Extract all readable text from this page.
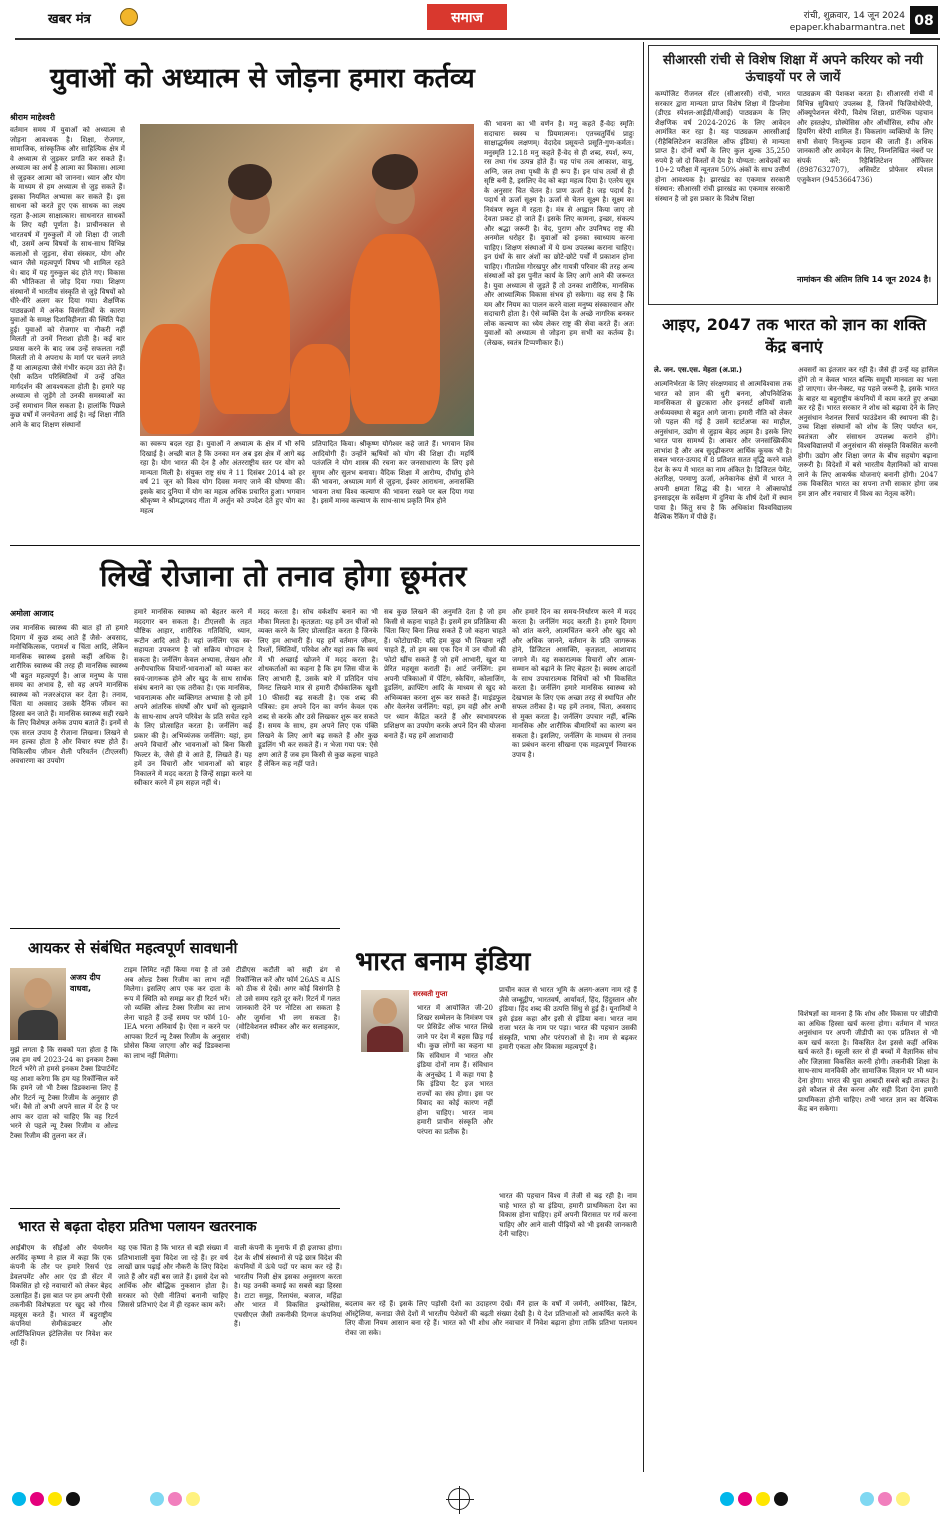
खबर मंत्र	समाज	रांची, शुक्रवार, 14 जून 2024
epaper.khabarmantra.net 08
युवाओं को अध्यात्म से जोड़ना हमारा कर्तव्य
श्रीराम माहेश्वरी
वर्तमान समय में युवाओं को अध्यात्म से जोड़ना आवश्यक है। शिक्षा, रोजगार, सामाजिक, सांस्कृतिक और साहित्यिक क्षेत्र में वे अध्यात्म से जुड़कर प्रगति कर सकते हैं। अध्यात्म का अर्थ है आत्मा का विकास। आत्मा से जुड़कर आत्मा को जानना। ध्यान और योग के माध्यम से हम अध्यात्म से जुड़ सकते हैं। इसका नियमित अभ्यास कर सकते हैं। इस साधना को करते हुए एक साधक का लक्ष्य रहता है-आत्म साक्षात्कार। साधनारत साधकों के लिए यही पूर्णता है। प्राचीनकाल से भारतवर्ष में गुरुकुलों में जो शिक्षा दी जाती थी, उसमें अन्य विषयों के साथ-साथ विभिन्न कलाओं से जुड़ना, सेवा संस्कार, योग और ध्यान जैसे महत्वपूर्ण विषय भी शामिल रहते थे। बाद में यह गुरुकुल बंद होते गए। विकास की भौतिकता से जोड़ दिया गया। शिक्षण संस्थानों में भारतीय संस्कृति से जुड़े विषयों को धीरे-धीरे अलग कर दिया गया। शैक्षणिक पाठ्यक्रमों में अनेक विसंगतियों के कारण युवाओं के समक्ष दिशाविहीनता की स्थिति पैदा हुई। युवाओं को रोजगार या नौकरी नहीं मिलती तो उनमें निराशा होती है। कई बार प्रयास करने के बाद जब उन्हें सफलता नहीं मिलती तो वे अपराध के मार्ग पर चलने लगते हैं या आत्महत्या जैसे गंभीर कदम उठा लेते हैं। ऐसी कठिन परिस्थितियों में उन्हें उचित मार्गदर्शन की आवश्यकता होती है। हमारे यह अध्यात्म से जुड़ेंगे तो उनकी समस्याओं का उन्हें समाधान मिल सकता है। हालांकि पिछले कुछ वर्षों में जनचेतना आई है। नई शिक्षा नीति आने के बाद शिक्षण संस्थानों
का स्वरूप बदल रहा है। युवाओं ने अध्यात्म के क्षेत्र में भी रुचि दिखाई है। अच्छी बात है कि उनका मन अब इस क्षेत्र में आगे बढ़ रहा है। योग भारत की देन है और अंतरराष्ट्रीय स्तर पर योग को मान्यता मिली है। संयुक्त राष्ट्र संघ ने 11 दिसंबर 2014 को हर वर्ष 21 जून को विश्व योग दिवस मनाए जाने की घोषणा की। इसके बाद दुनिया में योग का महत्व अधिक प्रचारित हुआ। भगवान श्रीकृष्ण ने श्रीमद्भगवद गीता में अर्जुन को उपदेश देते हुए योग का महत्व
प्रतिपादित किया। श्रीकृष्ण योगेश्वर कहे जाते हैं। भगवान शिव आदियोगी हैं। उन्होंने ऋषियों को योग की शिक्षा दी। महर्षि पतंजलि ने योग शास्त्र की रचना कर जनसाधारण के लिए इसे सुगम और सुलभ बनाया। वैदिक शिक्षा में आरोग्य, दीर्घायु होने की भावना, अध्यात्म मार्ग से जुड़ना, ईश्वर आराधना, अनासक्ति भावना तथा विश्व कल्याण की भावना रखने पर बल दिया गया है। इसमें मानव कल्याण के साथ-साथ प्रकृति मित्र होने
की भावना का भी वर्णन है। मनु कहते हैं-वेदः स्मृतिः सदाचारः स्वस्य च प्रियमात्मनः। एतच्चतुर्विधं प्राहुः साक्षाद्धर्मस्य लक्षणम्। वेदादेव प्रसूयन्ते प्रसूति-गुण-कर्मतः। मनुस्मृति 12.18 मनु कहते हैं-वेद से ही शब्द, स्पर्श, रूप, रस तथा गंध उत्पन्न होते हैं। यह पांच तत्व आकाश, वायु, अग्नि, जल तथा पृथ्वी के ही रूप हैं। इन पांच तत्वों से ही सृष्टि बनी है, इसलिए वेद को बड़ा महत्व दिया है। एतरेय सूत्र के अनुसार चित चेतन है। प्राण ऊर्जा है। जड़ पदार्थ है। पदार्थ से ऊर्जा सूक्ष्म है। ऊर्जा से चेतन सूक्ष्म है। सूक्ष्म का नियंत्रण स्थूल में रहता है। मंत्र से आह्वान किया जाए तो देवता प्रकट हो जाते हैं। इसके लिए कामना, इच्छा, संकल्प और श्रद्धा जरूरी है। वेद, पुराण और उपनिषद राष्ट्र की अनमोल धरोहर हैं। युवाओं को इनका स्वाध्याय करना चाहिए। शिक्षण संस्थाओं में ये ग्रन्थ उपलब्ध कराना चाहिए। इन ग्रंथों के सार अंशों का छोटे-छोटे पर्चों में प्रकाशन होना चाहिए। गीताप्रेस गोरखपुर और गायत्री परिवार की तरह अन्य संस्थाओं को इस पुनीत कार्य के लिए आगे आने की जरूरत है। युवा अध्यात्म से जुड़ते हैं तो उनका शारीरिक, मानसिक और आध्यात्मिक विकास संभव हो सकेगा। वह सच है कि यम और नियम का पालन करने वाला मनुष्य संस्कारवान और सदाचारी होता है। ऐसे व्यक्ति देश के अच्छे नागरिक बनकर लोक कल्याण का ध्येय लेकर राष्ट्र की सेवा करते हैं। अतः युवाओं को अध्यात्म से जोड़ना हम सभी का कर्तव्य है। (लेखक, स्वतंत्र टिप्पणीकार हैं।)
लिखें रोजाना तो तनाव होगा छूमंतर
अमोला आजाद
जब मानसिक स्वास्थ्य की बात हो तो हमारे दिमाग में कुछ शब्द आते हैं जैसे- अवसाद, मनोचिकित्सक, परामर्श व चिंता आदि, लेकिन मानसिक स्वास्थ्य इससे कहीं अधिक है। शारीरिक स्वास्थ्य की तरह ही मानसिक स्वास्थ्य भी बहुत महत्वपूर्ण है। आज मनुष्य के पास समय का अभाव है, सो वह अपने मानसिक स्वास्थ्य को नजरअंदाज कर देता है। तनाव, चिंता या अवसाद उसके दैनिक जीवन का हिस्सा बन जाते हैं। मानसिक स्वास्थ्य सही रखने के लिए विशेषज्ञ अनेक उपाय बताते हैं। इनमें से एक सरल उपाय है रोजाना लिखना। लिखने से मन हल्का होता है और विचार स्पष्ट होते हैं। चिकित्सीय जीवन शैली परिवर्तन (टीएलसी) अवधारणा का उपयोग
हमारे मानसिक स्वास्थ्य को बेहतर करने में मददगार बन सकता है। टीएलसी के तहत पौष्टिक आहार, शारीरिक गतिविधि, ध्यान, रूटीन आदि आते हैं। यहां जर्नलिंग एक स्व-सहायता उपकरण है जो सक्रिय योगदान दे सकता है। जर्नलिंग केवल अभ्यास, लेखन और अनौपचारिक विचारों-भावनाओं को व्यक्त कर स्वयं-जागरूक होने और खुद के साथ सार्थक संबंध बनाने का एक तरीका है। एक मानसिक, भावनात्मक और व्यक्तिगत अभ्यास है जो हमें अपने आंतरिक संघर्षों और भ्रमों को सुलझाने के साथ-साथ अपने परिवेश के प्रति सचेत रहने के लिए प्रोत्साहित करता है। जर्नलिंग कई प्रकार की है। अभिव्यंजक जर्नलिंग: यहां, हम अपने विचारों और भावनाओं को बिना किसी फिल्टर के, जैसे ही वे आते हैं, लिखते हैं। यह हमें उन विचारों और भावनाओं को बाहर निकालने में मदद करता है जिन्हें साझा करने या स्वीकार करने में हम सहज नहीं थे।
मदद करता है। सोच वर्कशॉप बनाने का भी मौका मिलता है। कृतज्ञता: यह हमें उन चीजों को व्यक्त करने के लिए प्रोत्साहित करता है जिनके लिए हम आभारी हैं। यह हमें वर्तमान जीवन, रिश्तों, स्थितियों, परिवेश और यहां तक कि स्वयं में भी अच्छाई खोजने में मदद करता है। शोधकर्ताओं का कहना है कि हम जिस चीज के लिए आभारी हैं, उसके बारे में प्रतिदिन पांच मिनट लिखने मात्र से हमारी दीर्घकालिक खुशी 10 फीसदी बढ़ सकती है। एक शब्द की पत्रिका: हम अपने दिन का वर्णन केवल एक शब्द से करके और उसे लिखकर शुरू कर सकते हैं। समय के साथ, हम अपने लिए एक पंक्ति लिखने के लिए आगे बढ़ सकते हैं और कुछ डूडलिंग भी कर सकते हैं। न भेजा गया पत्र: ऐसे क्षण आते हैं जब हम किसी से कुछ कहना चाहते हैं लेकिन कह नहीं पाते।
सब कुछ लिखने की अनुमति देता है जो हम किसी से कहना चाहते हैं। इसमें हम प्रतिक्रिया की चिंता किए बिना लिख सकते हैं जो कहना चाहते हैं। फोटोग्राफी: यदि हम कुछ भी लिखना नहीं चाहते हैं, तो हम बस एक दिन में उन चीजों की फोटो खींच सकते हैं जो हमें आभारी, खुश या प्रेरित महसूस कराती हैं। आर्ट जर्नलिंग: हम अपनी पत्रिकाओं में पेंटिंग, स्केचिंग, कोलाजिंग, डूडलिंग, क्राफ्टिंग आदि के माध्यम से खुद को अभिव्यक्त करना शुरू कर सकते हैं। माइंडफुल और वेलनेस जर्नलिंग: यहां, हम वही और अभी पर ध्यान केंद्रित करते हैं और स्वभावपरक प्रशिक्षण का उपयोग करके अपने दिन की योजना बनाते हैं। यह हमें आशावादी
और हमारे दिन का समय-निर्धारण करने में मदद करता है। जर्नलिंग मदद करती है। हमारे दिमाग को शांत करने, आत्मचिंतन करने और खुद को और अधिक जानने, वर्तमान के प्रति जागरूक होने, डिजिटल आसक्ति, कृतज्ञता, आशावाद जगाने में। यह सकारात्मक विचारों और आत्म-सम्मान को बढ़ाने के लिए बेहतर है। स्वस्थ आदतों के साथ उपचारात्मक विधियों को भी विकसित करता है। जर्नलिंग हमारे मानसिक स्वास्थ्य को देखभाल के लिए एक अच्छा तरह से स्थापित और सफल तरीका है। यह हमें तनाव, चिंता, अवसाद से मुक्त करता है। जर्नलिंग उपचार नहीं, बल्कि मानसिक और शारीरिक बीमारियों का कारण बन सकता है। इसलिए, जर्नलिंग के माध्यम से तनाव का प्रबंधन करना सीखना एक महत्वपूर्ण निवारक उपाय है।
आयकर से संबंधित महत्वपूर्ण सावधानी
अजय दीप वाधवा,
मुझे लगता है कि सबको पता होता है कि जब हम वर्ष 2023-24 का इनकम टैक्स रिटर्न भरेंगे तो हमसे इनकम टैक्स डिपार्टमेंट यह आशा करेगा कि हम यह रिकॉन्सिल करें कि हमने जो भी टैक्स डिडक्शन्स लिए हैं और रिटर्न न्यू टैक्स रिजीम के अनुसार ही भरें। वैसे तो अभी अपने साल में देर है पर आप कर दाता को चाहिए कि वह रिटर्न भरने से पहले न्यू टैक्स रिजीम व ओल्ड टैक्स रिजीम की तुलना कर लें।
टाइम लिमिट नहीं किया गया है तो उसे अब ओल्ड टैक्स रिजीम का लाभ नहीं मिलेगा। इसलिए आप एक कर दाता के रूप में स्थिति को समझ कर ही रिटर्न भरें। जो व्यक्ति ओल्ड टैक्स रिजीम का लाभ लेना चाहते हैं उन्हें समय पर फॉर्म 10-IEA भरना अनिवार्य है। ऐसा न करने पर आपका रिटर्न न्यू टैक्स रिजीम के अनुसार प्रोसेस किया जाएगा और कई डिडक्शन्स का लाभ नहीं मिलेगा।
टीडीएस कटौती को सही ढंग से रिकॉन्सिल करें और फॉर्म 26AS व AIS को ठीक से देखें। अगर कोई विसंगति है तो उसे समय रहते दूर करें। रिटर्न में गलत जानकारी देने पर नोटिस आ सकता है और जुर्माना भी लग सकता है। (मोटिवेशनल स्पीकर और कर सलाहकार, रांची)
भारत बनाम इंडिया
सरस्वती गुप्ता
भारत में आयोजित जी-20 शिखर सम्मेलन के निमंत्रण पत्र पर प्रेसिडेंट ऑफ भारत लिखे जाने पर देश में बहस छिड़ गई थी। कुछ लोगों का कहना था कि संविधान में भारत और इंडिया दोनों नाम हैं। संविधान के अनुच्छेद 1 में कहा गया है कि इंडिया दैट इज भारत राज्यों का संघ होगा। इस पर विवाद का कोई कारण नहीं होना चाहिए। भारत नाम हमारी प्राचीन संस्कृति और परंपरा का प्रतीक है।
प्राचीन काल से भारत भूमि के अलग-अलग नाम रहे हैं जैसे जम्बूद्वीप, भारतवर्ष, आर्यावर्त, हिंद, हिंदुस्तान और इंडिया। हिंद शब्द की उत्पत्ति सिंधु से हुई है। यूनानियों ने इसे इंडस कहा और इसी से इंडिया बना। भारत नाम राजा भरत के नाम पर पड़ा। भारत की पहचान उसकी संस्कृति, भाषा और परंपराओं से है। नाम से बढ़कर हमारी एकता और विकास महत्वपूर्ण है।
भारत की पहचान विश्व में तेजी से बढ़ रही है। नाम चाहे भारत हो या इंडिया, हमारी प्राथमिकता देश का विकास होना चाहिए। हमें अपनी विरासत पर गर्व करना चाहिए और आने वाली पीढ़ियों को भी इसकी जानकारी देनी चाहिए।
भारत से बढ़ता दोहरा प्रतिभा पलायन खतरनाक
आईबीएम के सीईओ और चेयरमैन अरविंद कृष्णा ने हाल में कहा कि एक कंपनी के तौर पर हमारे रिसर्च एंड डेवलपमेंट और आर एंड डी सेंटर में विकसित हो रहे नवाचारों को लेकर बेहद उत्साहित हैं। इस बात पर हम अपनी ऐसी तकनीकी विशेषज्ञता पर खुद को गौरव महसूस करते हैं। भारत में बहुराष्ट्रीय कंपनियां सेमीकंडक्टर और आर्टिफिशियल इंटेलिजेंस पर निवेश कर रही हैं।
यह एक चिंता है कि भारत से बड़ी संख्या में प्रतिभाशाली युवा विदेश जा रहे हैं। हर वर्ष लाखों छात्र पढ़ाई और नौकरी के लिए विदेश जाते हैं और वहीं बस जाते हैं। इससे देश को आर्थिक और बौद्धिक नुकसान होता है। सरकार को ऐसी नीतियां बनानी चाहिए जिससे प्रतिभाएं देश में ही रहकर काम करें।
वाली कंपनी के मुनाफे में ही इजाफा होगा। देश के शीर्ष संस्थानों से पढ़े छात्र विदेश की कंपनियों में ऊंचे पदों पर काम कर रहे हैं। भारतीय निजी क्षेत्र इसका अनुसरण करता है। यह उनकी कमाई का सबसे बड़ा हिस्सा है। टाटा समूह, रिलायंस, बजाज, महिंद्रा और भारत में विकसित इन्फोसिस, एचसीएल जैसी तकनीकी दिग्गज कंपनियां हैं।
बदलाव कर रहे हैं। इसके लिए पड़ोसी देशों का उदाहरण देखें। मैंने हाल के वर्षों में जर्मनी, अमेरिका, ब्रिटेन, ऑस्ट्रेलिया, कनाडा जैसे देशों में भारतीय पेशेवरों की बढ़ती संख्या देखी है। ये देश प्रतिभाओं को आकर्षित करने के लिए वीजा नियम आसान बना रहे हैं। भारत को भी शोध और नवाचार में निवेश बढ़ाना होगा ताकि प्रतिभा पलायन रोका जा सके।
सीआरसी रांची से विशेष शिक्षा में अपने करियर को नयी ऊंचाइयों पर ले जायें
कम्पोजिट रीजनल सेंटर (सीआरसी) रांची, भारत सरकार द्वारा मान्यता प्राप्त विशेष शिक्षा में डिप्लोमा (डीएड स्पेशल-आईडी/वीआई) पाठ्यक्रम के लिए शैक्षणिक वर्ष 2024-2026 के लिए आवेदन आमंत्रित कर रहा है। यह पाठ्यक्रम आरसीआई (रीहैबिलिटेशन काउंसिल ऑफ इंडिया) से मान्यता प्राप्त है। दोनों वर्षों के लिए कुल शुल्क 35,250 रुपये है जो दो किस्तों में देय है। योग्यता: आवेदकों का 10+2 परीक्षा में न्यूनतम 50% अंकों के साथ उत्तीर्ण होना आवश्यक है। झारखंड का एकमात्र सरकारी संस्थान: सीआरसी रांची झारखंड का एकमात्र सरकारी संस्थान है जो इस प्रकार के विशेष शिक्षा
पाठ्यक्रम की पेशकश करता है। सीआरसी रांची में विभिन्न सुविधाएं उपलब्ध हैं, जिनमें फिजियोथेरेपी, ऑक्यूपेशनल थेरेपी, विशेष शिक्षा, प्रारंभिक पहचान और हस्तक्षेप, प्रोस्थेसिस और ऑर्थोसिस, स्पीच और हियरिंग थेरेपी शामिल हैं। विकलांग व्यक्तियों के लिए सभी सेवाएं निःशुल्क प्रदान की जाती हैं। अधिक जानकारी और आवेदन के लिए, निम्नलिखित नंबरों पर संपर्क करें: रिहैबिलिटेशन ऑफिसर (8987632707), असिस्टेंट प्रोफेसर स्पेशल एजुकेशन (9453664736)
नामांकन की अंतिम तिथि 14 जून 2024 है।
आइए, 2047 तक भारत को ज्ञान का शक्ति केंद्र बनाएं
ले. जन. एस.एस. मेहता (अ.प्रा.)
आत्मनिर्भरता के लिए संरक्षणवाद से आत्मविश्वास तक भारत को ज्ञान की धुरी बनना, औपनिवेशिक मानसिकता से छुटकारा और इनसर्ट क्षमियों वाली अर्थव्यवस्था से बहुत आगे जाना। हमारी नीति को लेकर जो पहल की गई है उसमें स्टार्टअप्स का माहौल, अनुसंधान, उद्योग से जुड़ाव बेहद अहम है। इसके लिए भारत पास सामर्थ्य है। आकार और जनसांख्यिकीय लाभांश है और अब सुदृढ़ीकरण आर्थिक कूचक भी है। सबल भारत-उत्पाद में 8 प्रतिशत सतत वृद्धि करने वाले देश के रूप में भारत का नाम अंकित है। डिजिटल पेमेंट, अंतरिक्ष, परमाणु ऊर्जा, अनेकानेक क्षेत्रों में भारत ने अपनी क्षमता सिद्ध की है। भारत ने ऑक्सफोर्ड इनसाइट्स के सर्वेक्षण में दुनिया के शीर्ष देशों में स्थान पाया है। किंतु सच है कि अधिकांश विश्वविद्यालय वैश्विक रैंकिंग में पीछे हैं।
अवसरों का इंतजार कर रही है। जैसे ही उन्हें यह हासिल होंगे तो न केवल भारत बल्कि समूची मानवता का भला हो जाएगा। जेन-नेक्स्ट, यह पहले जरूरी है, इसके भारत के बाहर या बहुराष्ट्रीय कंपनियों में काम करते हुए अच्छा कर रहे हैं। भारत सरकार ने शोध को बढ़ावा देने के लिए अनुसंधान नेशनल रिसर्च फाउंडेशन की स्थापना की है। उच्च शिक्षा संस्थानों को शोध के लिए पर्याप्त धन, स्वतंत्रता और संसाधन उपलब्ध कराने होंगे। विश्वविद्यालयों में अनुसंधान की संस्कृति विकसित करनी होगी। उद्योग और शिक्षा जगत के बीच सहयोग बढ़ाना जरूरी है। विदेशों में बसे भारतीय वैज्ञानिकों को वापस लाने के लिए आकर्षक योजनाएं बनानी होंगी। 2047 तक विकसित भारत का सपना तभी साकार होगा जब हम ज्ञान और नवाचार में विश्व का नेतृत्व करेंगे।
विशेषज्ञों का मानना है कि शोध और विकास पर जीडीपी का अधिक हिस्सा खर्च करना होगा। वर्तमान में भारत अनुसंधान पर अपनी जीडीपी का एक प्रतिशत से भी कम खर्च करता है। विकसित देश इससे कहीं अधिक खर्च करते हैं। स्कूली स्तर से ही बच्चों में वैज्ञानिक सोच और जिज्ञासा विकसित करनी होगी। तकनीकी शिक्षा के साथ-साथ मानविकी और सामाजिक विज्ञान पर भी ध्यान देना होगा। भारत की युवा आबादी सबसे बड़ी ताकत है। इसे कौशल से लैस करना और सही दिशा देना हमारी प्राथमिकता होनी चाहिए। तभी भारत ज्ञान का वैश्विक केंद्र बन सकेगा।
